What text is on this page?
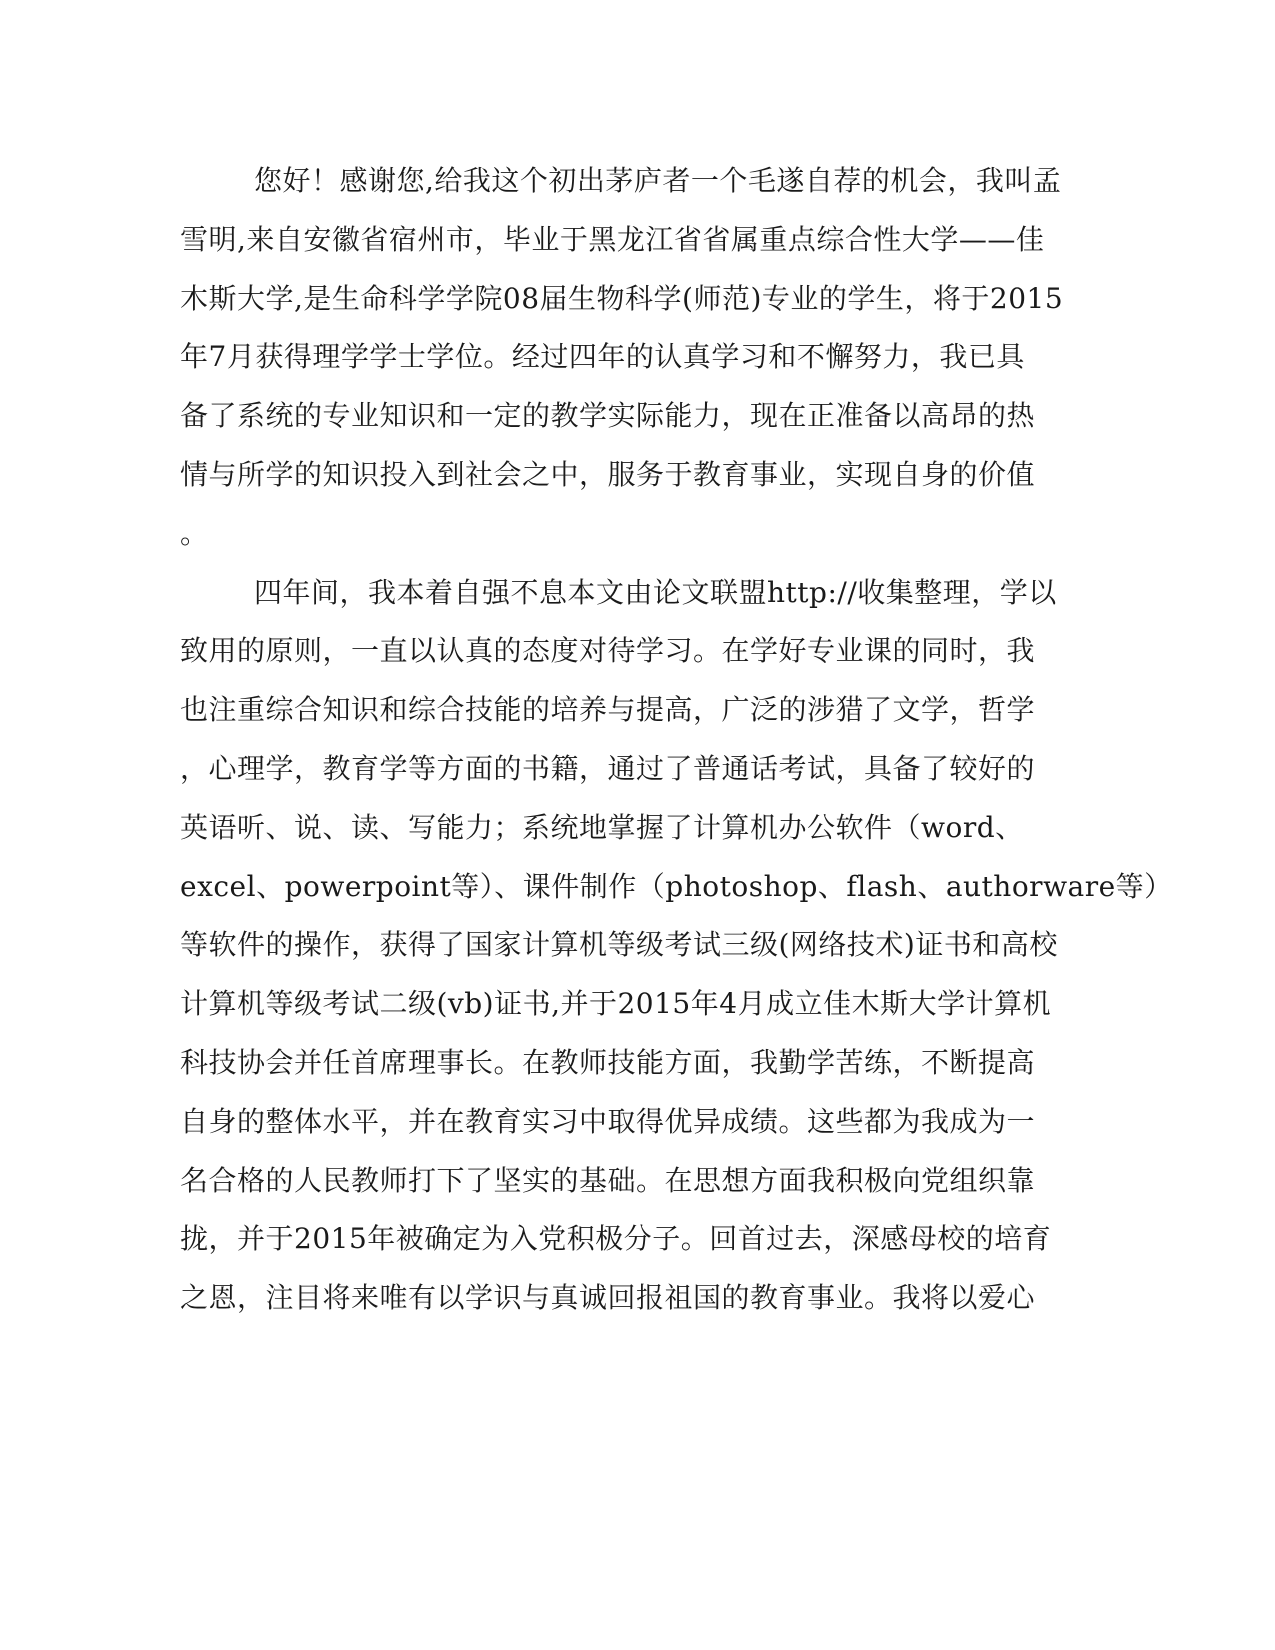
您好！感谢您,给我这个初出茅庐者一个毛遂自荐的机会，我叫孟
雪明,来自安徽省宿州市，毕业于黑龙江省省属重点综合性大学——佳
木斯大学,是生命科学学院08届生物科学(师范)专业的学生，将于2015
年7月获得理学学士学位。经过四年的认真学习和不懈努力，我已具
备了系统的专业知识和一定的教学实际能力，现在正准备以高昂的热
情与所学的知识投入到社会之中，服务于教育事业，实现自身的价值
。
四年间，我本着自强不息本文由论文联盟http://收集整理，学以
致用的原则，一直以认真的态度对待学习。在学好专业课的同时，我
也注重综合知识和综合技能的培养与提高，广泛的涉猎了文学，哲学
，心理学，教育学等方面的书籍，通过了普通话考试，具备了较好的
英语听、说、读、写能力；系统地掌握了计算机办公软件（word、
excel、powerpoint等）、课件制作（photoshop、flash、authorware等）
等软件的操作，获得了国家计算机等级考试三级(网络技术)证书和高校
计算机等级考试二级(vb)证书,并于2015年4月成立佳木斯大学计算机
科技协会并任首席理事长。在教师技能方面，我勤学苦练，不断提高
自身的整体水平，并在教育实习中取得优异成绩。这些都为我成为一
名合格的人民教师打下了坚实的基础。在思想方面我积极向党组织靠
拢，并于2015年被确定为入党积极分子。回首过去，深感母校的培育
之恩，注目将来唯有以学识与真诚回报祖国的教育事业。我将以爱心
